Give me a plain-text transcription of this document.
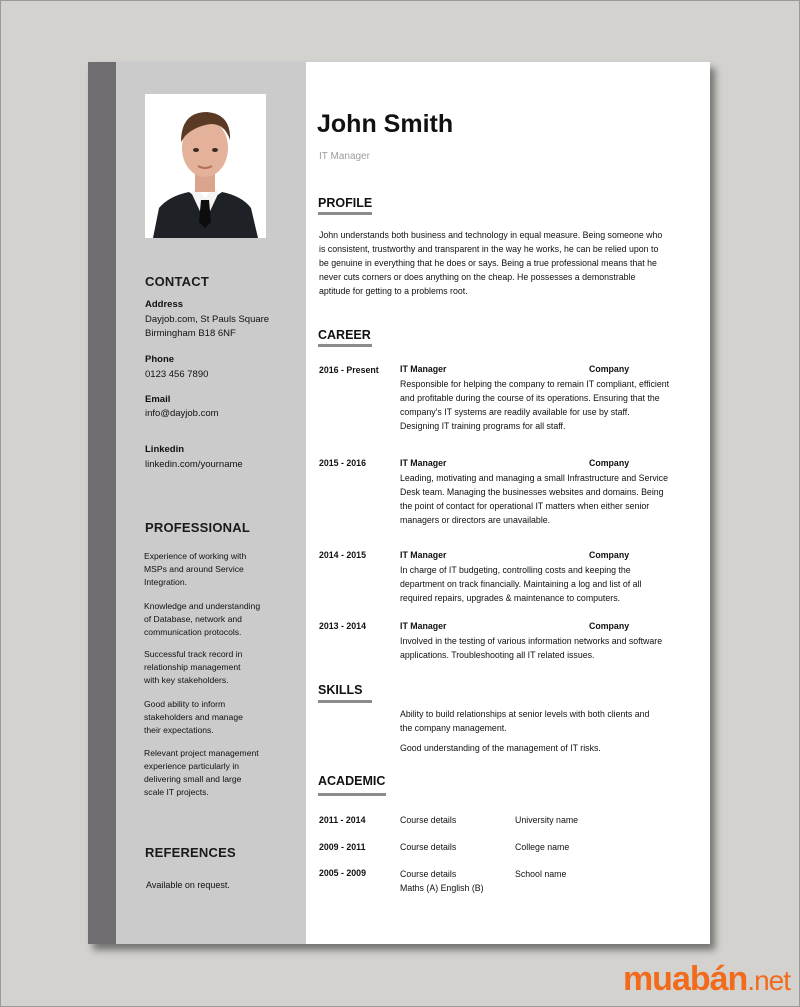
CONTACT
Address
Dayjob.com, St Pauls Square
Birmingham B18 6NF
Phone
0123 456 7890
Email
info@dayjob.com
Linkedin
linkedin.com/yourname
PROFESSIONAL
Experience of working with
MSPs and around Service
Integration.
Knowledge and understanding
of Database, network and
communication protocols.
Successful track record in
relationship management
with key stakeholders.
Good ability to inform
stakeholders and manage
their expectations.
Relevant project management
experience particularly in
delivering small and large
scale IT projects.
REFERENCES
Available on request.
John Smith
IT Manager
PROFILE
John understands both business and technology in equal measure. Being someone who is consistent, trustworthy and transparent in the way he works, he can be relied upon to be genuine in everything that he does or says. Being a true professional means that he never cuts corners or does anything on the cheap. He possesses a demonstrable aptitude for getting to a problems root.
CAREER
2016 - Present IT Manager	Company
Responsible for helping the company to remain IT compliant, efficient and profitable during the course of its operations. Ensuring that the company's IT systems are readily available for use by staff. Designing IT training programs for all staff.
2015 - 2016	IT Manager	Company
Leading, motivating and managing a small Infrastructure and Service Desk team. Managing the businesses websites and domains. Being the point of contact for operational IT matters when either senior managers or directors are unavailable.
2014 - 2015	IT Manager	Company
In charge of IT budgeting, controlling costs and keeping the department on track financially. Maintaining a log and list of all required repairs, upgrades & maintenance to computers.
2013 - 2014	IT Manager	Company
Involved in the testing of various information networks and software applications. Troubleshooting all IT related issues.
SKILLS
Ability to build relationships at senior levels with both clients and the company management.
Good understanding of the management of IT risks.
ACADEMIC
2011 - 2014	Course details	University name
2009 - 2011	Course details	College name
2005 - 2009	Course details	School name
Maths (A) English (B)
muabán.net
